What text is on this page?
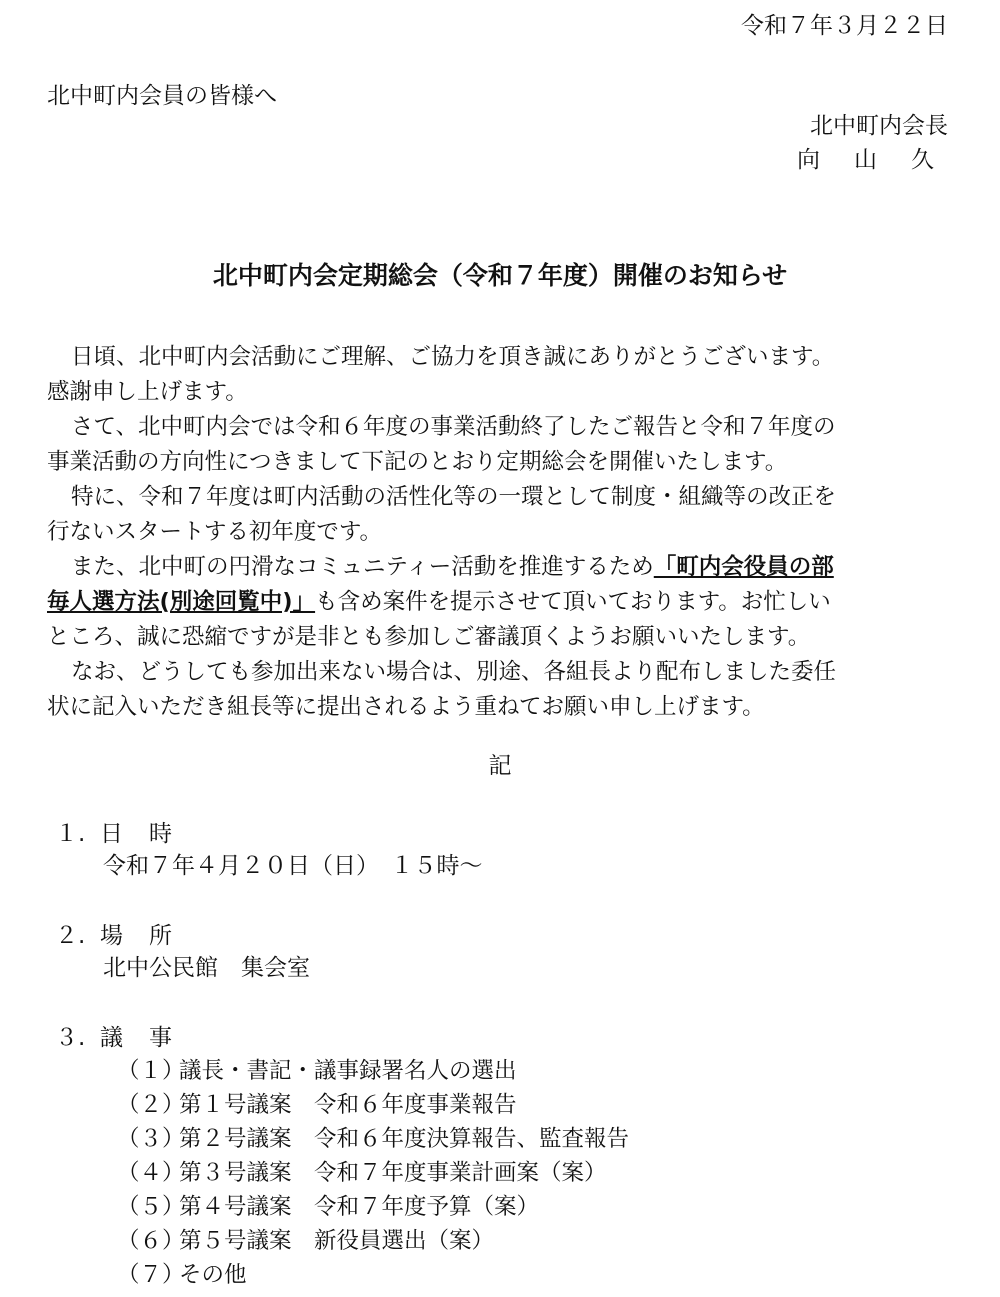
令和７年３月２２日
北中町内会員の皆様へ
北中町内会長
向山久
北中町内会定期総会（令和７年度）開催のお知らせ

日頃、北中町内会活動にご理解、ご協力を頂き誠にありがとうございます。

感謝申し上げます。

さて、北中町内会では令和６年度の事業活動終了したご報告と令和７年度の

事業活動の方向性につきまして下記のとおり定期総会を開催いたします。

特に、令和７年度は町内活動の活性化等の一環として制度・組織等の改正を

行ないスタートする初年度です。

また、北中町の円滑なコミュニティー活動を推進するため「町内会役員の部

毎人選方法(別途回覧中)」も含め案件を提示させて頂いております。お忙しい

ところ、誠に恐縮ですが是非とも参加しご審議頂くようお願いいたします。

なお、どうしても参加出来ない場合は、別途、各組長より配布しました委任

状に記入いただき組長等に提出されるよう重ねてお願い申し上げます。

記
１. 日時
令和７年４月２０日（日）　１５時～
２. 場所
北中公民館　集会室
３. 議事
（１）議長・書記・議事録署名人の選出
（２）第１号議案　令和６年度事業報告
（３）第２号議案　令和６年度決算報告、監査報告
（４）第３号議案　令和７年度事業計画案（案）
（５）第４号議案　令和７年度予算（案）
（６）第５号議案　新役員選出（案）
（７）その他
